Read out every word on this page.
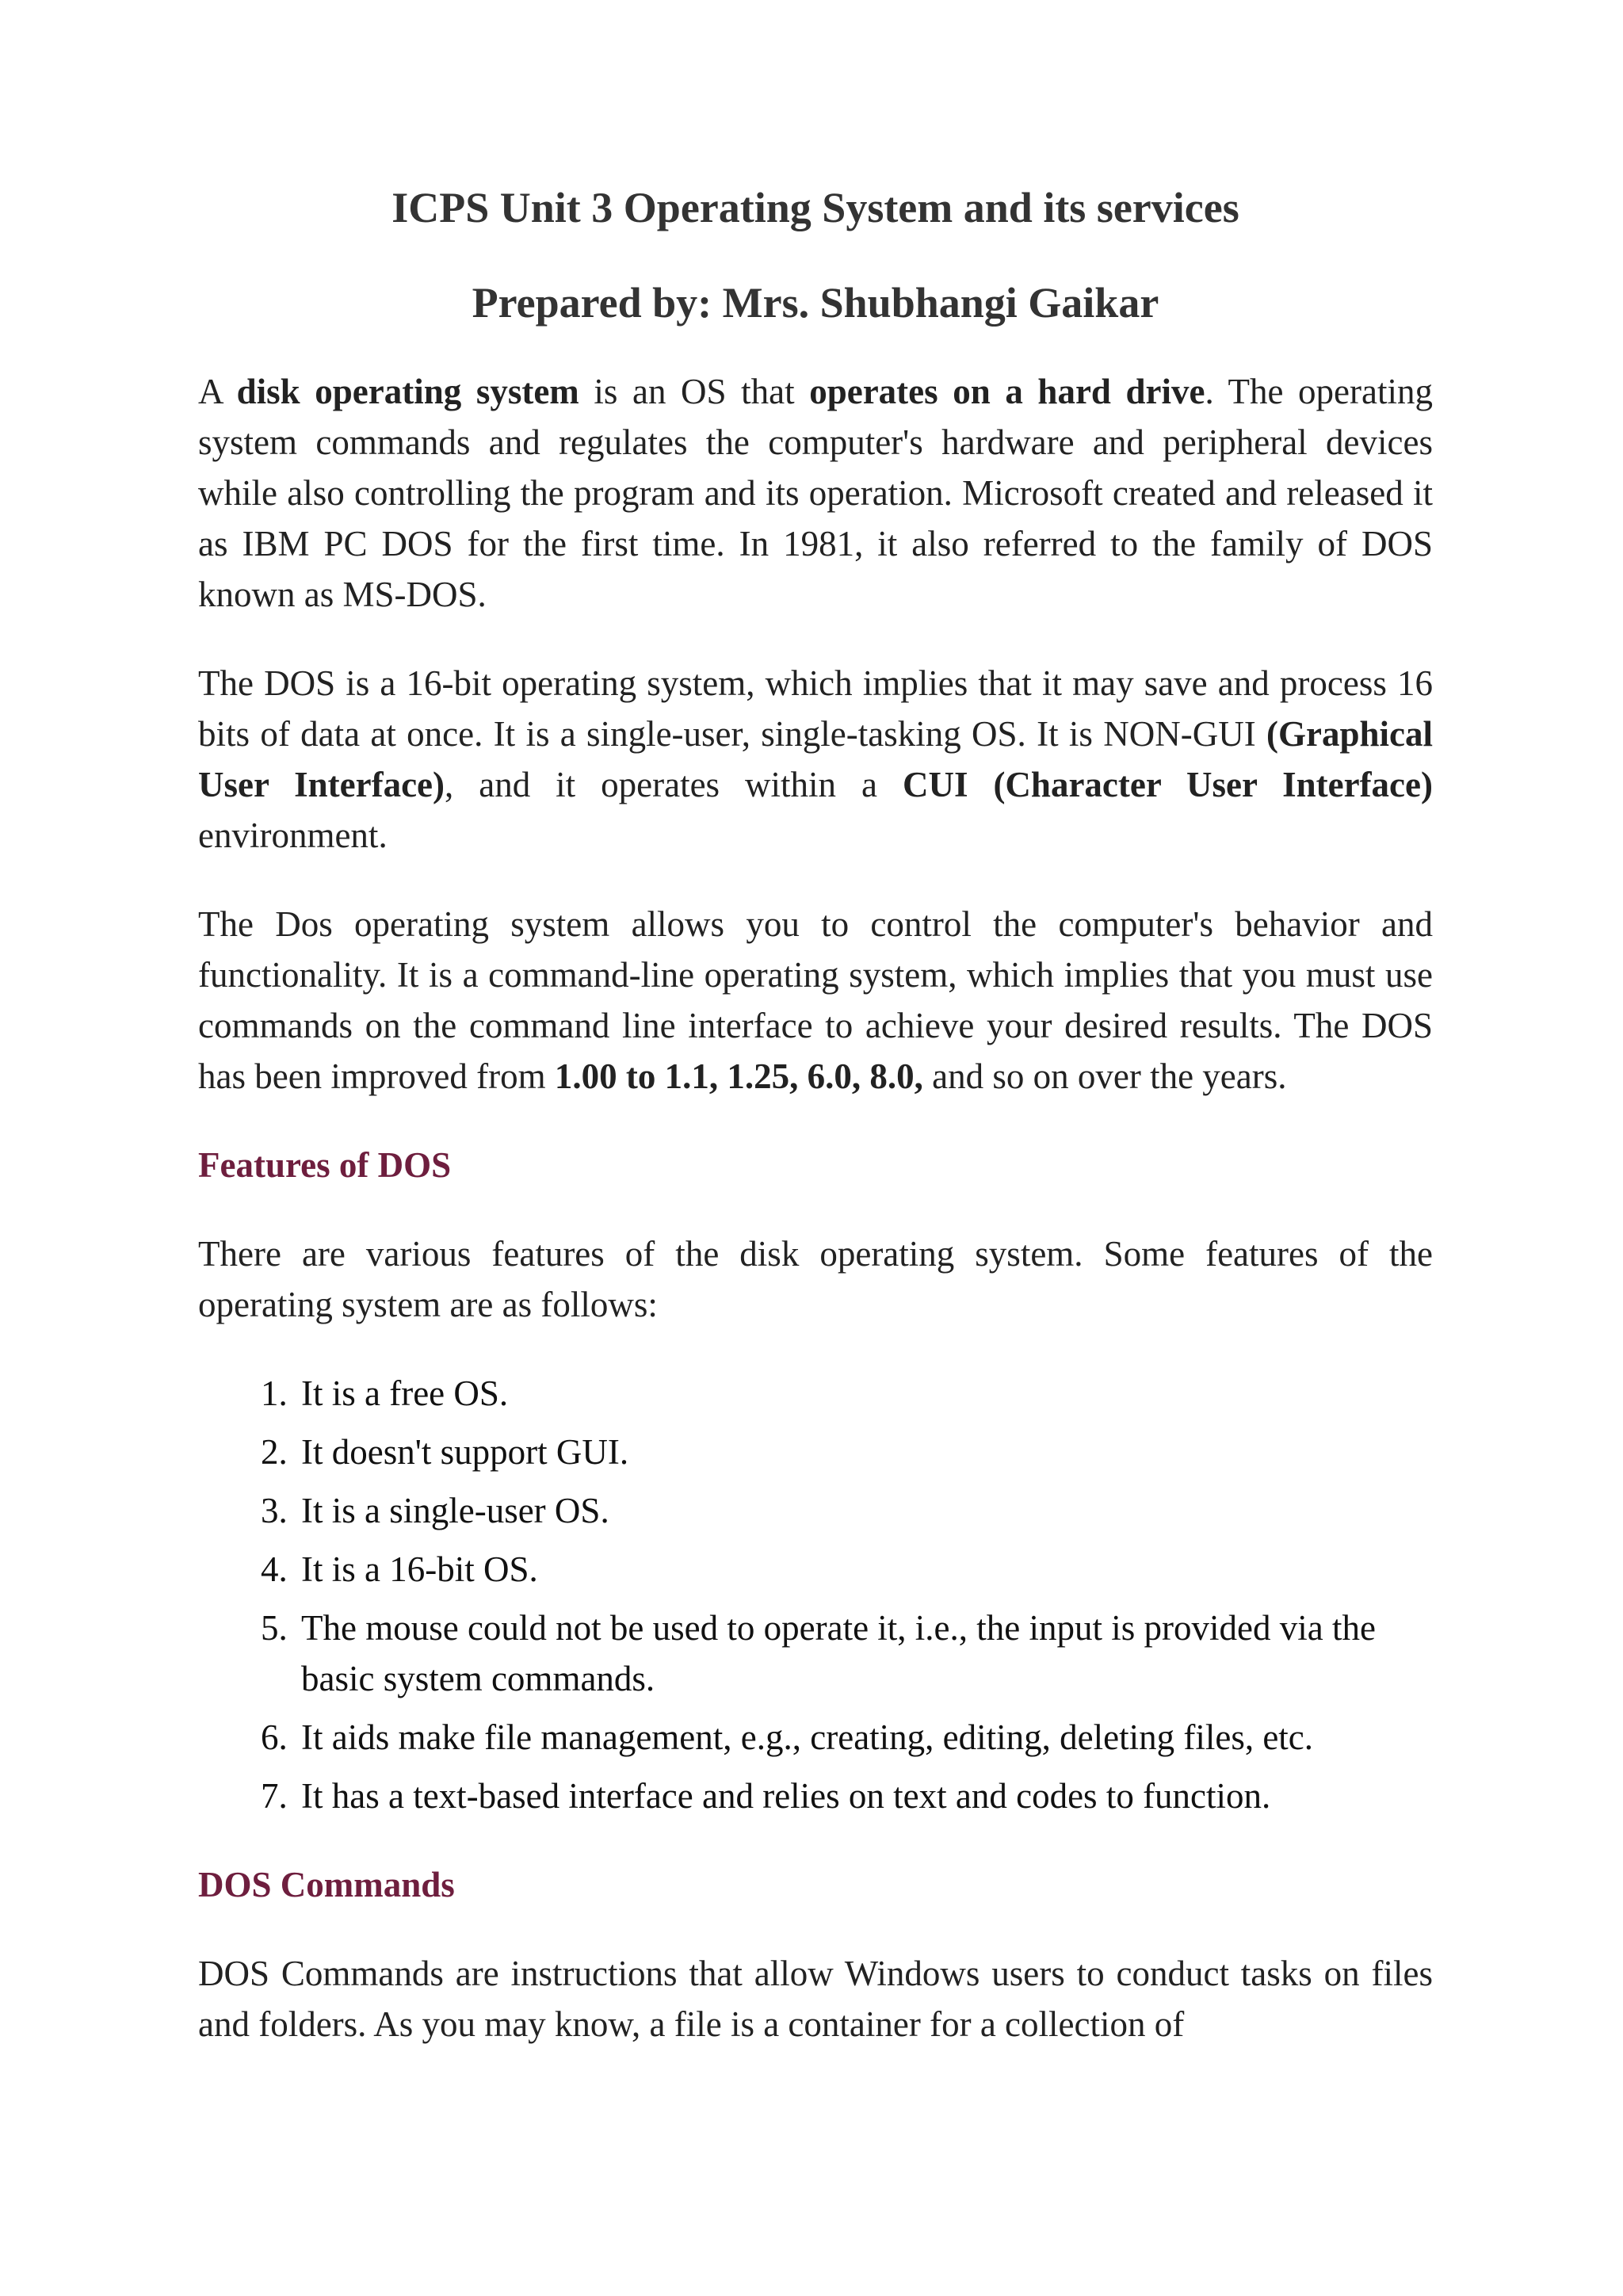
ICPS Unit 3 Operating System and its services
Prepared by: Mrs. Shubhangi Gaikar

A disk operating system is an OS that operates on a hard drive. The operating system commands and regulates the computer's hardware and peripheral devices while also controlling the program and its operation. Microsoft created and released it as IBM PC DOS for the first time. In 1981, it also referred to the family of DOS known as MS-DOS.

The DOS is a 16-bit operating system, which implies that it may save and process 16 bits of data at once. It is a single-user, single-tasking OS. It is NON-GUI (Graphical User Interface), and it operates within a CUI (Character User Interface) environment.

The Dos operating system allows you to control the computer's behavior and functionality. It is a command-line operating system, which implies that you must use commands on the command line interface to achieve your desired results. The DOS has been improved from 1.00 to 1.1, 1.25, 6.0, 8.0, and so on over the years.

Features of DOS

There are various features of the disk operating system. Some features of the operating system are as follows:

1. It is a free OS.
2. It doesn't support GUI.
3. It is a single-user OS.
4. It is a 16-bit OS.
5. The mouse could not be used to operate it, i.e., the input is provided via the basic system commands.
6. It aids make file management, e.g., creating, editing, deleting files, etc.
7. It has a text-based interface and relies on text and codes to function.
DOS Commands

DOS Commands are instructions that allow Windows users to conduct tasks on files and folders. As you may know, a file is a container for a collection of
